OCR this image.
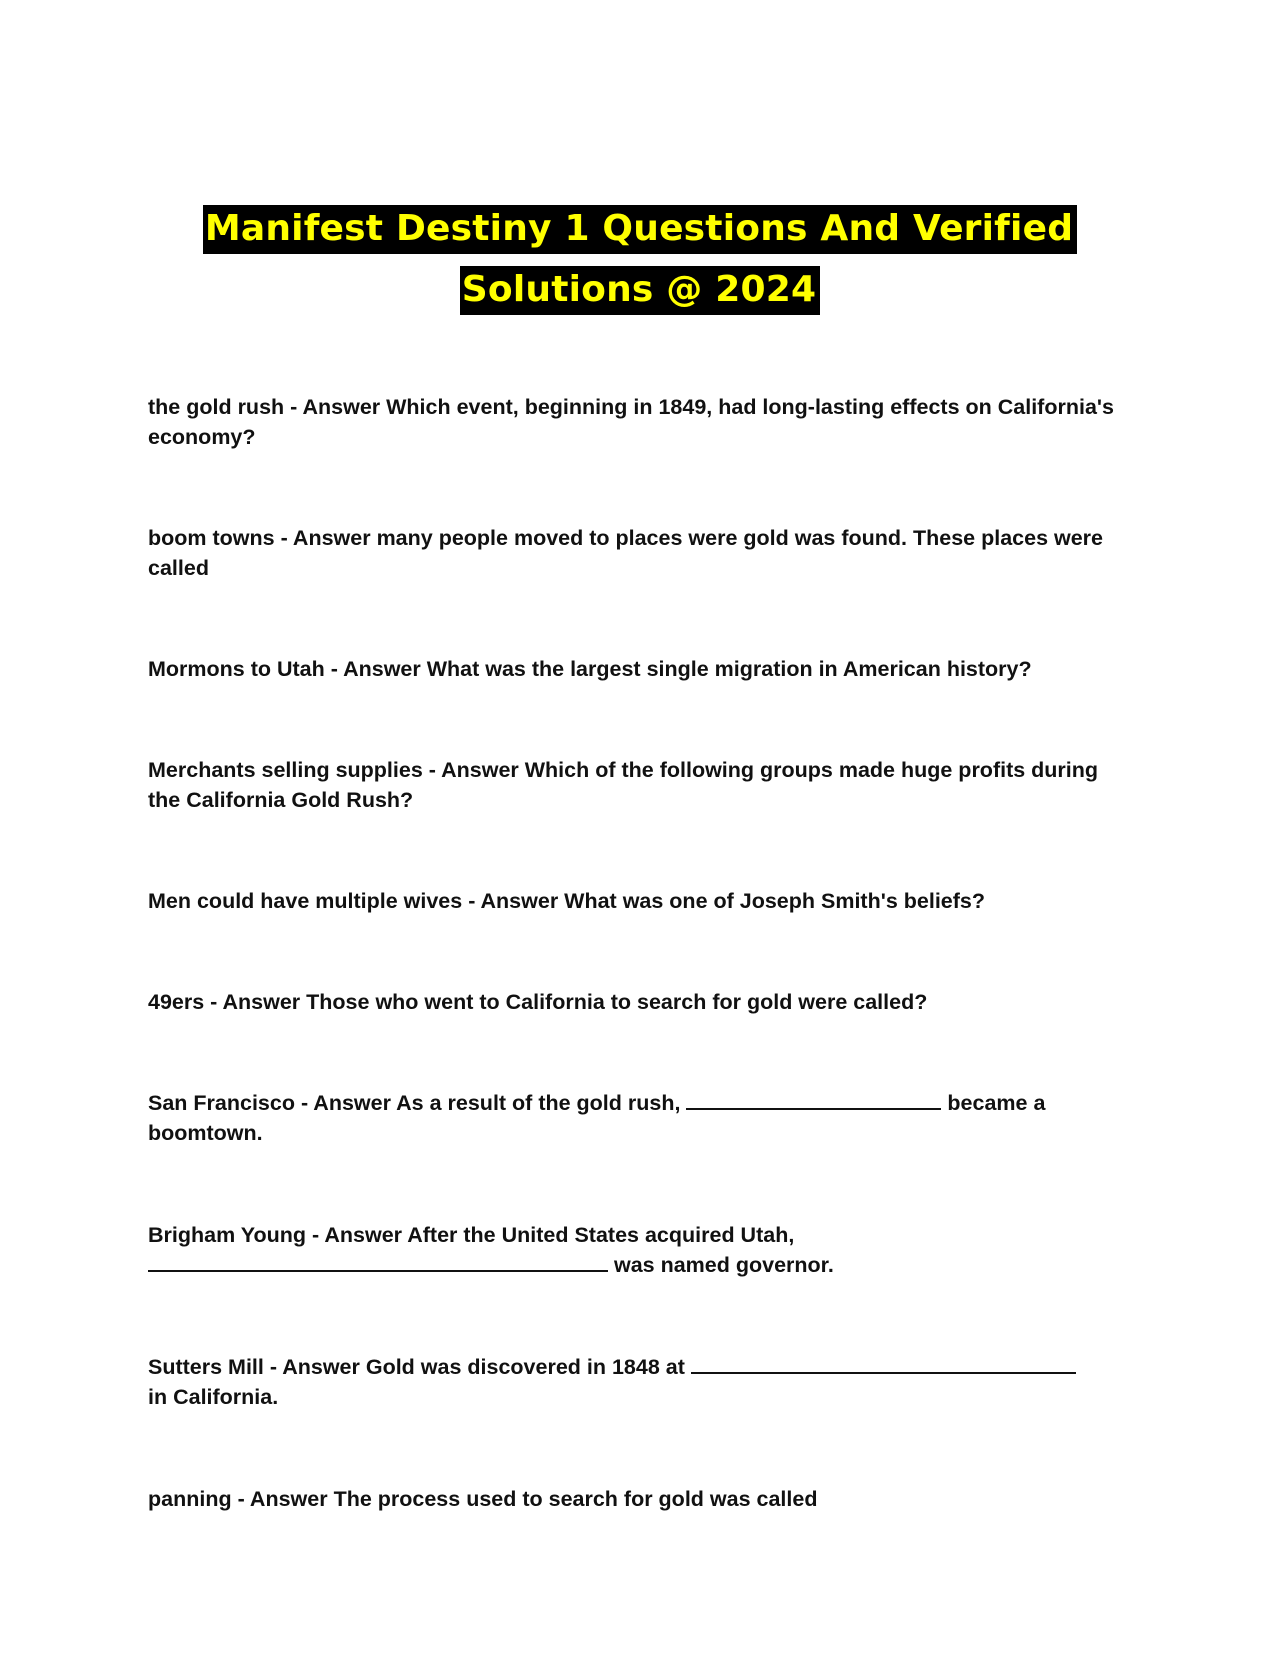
Manifest Destiny 1 Questions And Verified
Solutions @ 2024
the gold rush - Answer Which event, beginning in 1849, had long-lasting effects on California's economy?
boom towns - Answer many people moved to places were gold was found. These places were called
Mormons to Utah - Answer What was the largest single migration in American history?
Merchants selling supplies - Answer Which of the following groups made huge profits during the California Gold Rush?
Men could have multiple wives - Answer What was one of Joseph Smith's beliefs?
49ers - Answer Those who went to California to search for gold were called?
San Francisco - Answer As a result of the gold rush,	became a boomtown.
Brigham Young - Answer After the United States acquired Utah,
was named governor.
Sutters Mill - Answer Gold was discovered in 1848 at
in California.
panning - Answer The process used to search for gold was called
